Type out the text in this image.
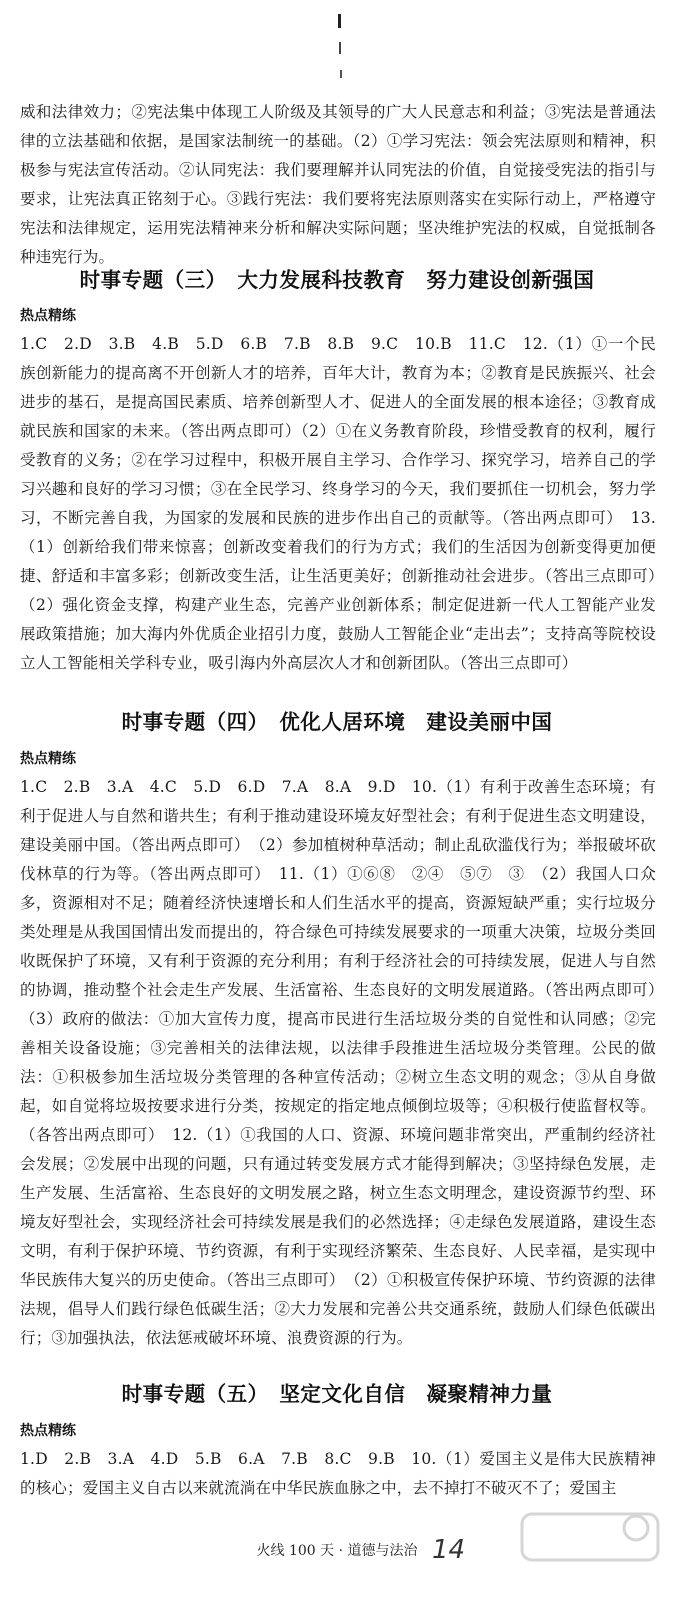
威和法律效力；②宪法集中体现工人阶级及其领导的广大人民意志和利益；③宪法是普通法律的立法基础和依据，是国家法制统一的基础。（2）①学习宪法：领会宪法原则和精神，积极参与宪法宣传活动。②认同宪法：我们要理解并认同宪法的价值，自觉接受宪法的指引与要求，让宪法真正铭刻于心。③践行宪法：我们要将宪法原则落实在实际行动上，严格遵守宪法和法律规定，运用宪法精神来分析和解决实际问题；坚决维护宪法的权威，自觉抵制各种违宪行为。

时事专题（三）　大力发展科技教育　努力建设创新强国
热点精练

1.C　2.D　3.B　4.B　5.D　6.B　7.B　8.B　9.C　10.B　11.C　12.（1）①一个民族创新能力的提高离不开创新人才的培养，百年大计，教育为本；②教育是民族振兴、社会进步的基石，是提高国民素质、培养创新型人才、促进人的全面发展的根本途径；③教育成就民族和国家的未来。（答出两点即可）（2）①在义务教育阶段，珍惜受教育的权利，履行受教育的义务；②在学习过程中，积极开展自主学习、合作学习、探究学习，培养自己的学习兴趣和良好的学习习惯；③在全民学习、终身学习的今天，我们要抓住一切机会，努力学习，不断完善自我，为国家的发展和民族的进步作出自己的贡献等。（答出两点即可）　13.（1）创新给我们带来惊喜；创新改变着我们的行为方式；我们的生活因为创新变得更加便捷、舒适和丰富多彩；创新改变生活，让生活更美好；创新推动社会进步。（答出三点即可）　（2）强化资金支撑，构建产业生态，完善产业创新体系；制定促进新一代人工智能产业发展政策措施；加大海内外优质企业招引力度，鼓励人工智能企业“走出去”；支持高等院校设立人工智能相关学科专业，吸引海内外高层次人才和创新团队。（答出三点即可）

时事专题（四）　优化人居环境　建设美丽中国
热点精练

1.C　2.B　3.A　4.C　5.D　6.D　7.A　8.A　9.D　10.（1）有利于改善生态环境；有利于促进人与自然和谐共生；有利于推动建设环境友好型社会；有利于促进生态文明建设，建设美丽中国。（答出两点即可）　（2）参加植树种草活动；制止乱砍滥伐行为；举报破坏砍伐林草的行为等。（答出两点即可）　11.（1）①⑥⑧　②④　⑤⑦　③　（2）我国人口众多，资源相对不足；随着经济快速增长和人们生活水平的提高，资源短缺严重；实行垃圾分类处理是从我国国情出发而提出的，符合绿色可持续发展要求的一项重大决策，垃圾分类回收既保护了环境，又有利于资源的充分利用；有利于经济社会的可持续发展，促进人与自然的协调，推动整个社会走生产发展、生活富裕、生态良好的文明发展道路。（答出两点即可）　（3）政府的做法：①加大宣传力度，提高市民进行生活垃圾分类的自觉性和认同感；②完善相关设备设施；③完善相关的法律法规，以法律手段推进生活垃圾分类管理。公民的做法：①积极参加生活垃圾分类管理的各种宣传活动；②树立生态文明的观念；③从自身做起，如自觉将垃圾按要求进行分类，按规定的指定地点倾倒垃圾等；④积极行使监督权等。（各答出两点即可）　12.（1）①我国的人口、资源、环境问题非常突出，严重制约经济社会发展；②发展中出现的问题，只有通过转变发展方式才能得到解决；③坚持绿色发展，走生产发展、生活富裕、生态良好的文明发展之路，树立生态文明理念，建设资源节约型、环境友好型社会，实现经济社会可持续发展是我们的必然选择；④走绿色发展道路，建设生态文明，有利于保护环境、节约资源，有利于实现经济繁荣、生态良好、人民幸福，是实现中华民族伟大复兴的历史使命。（答出三点即可）　（2）①积极宣传保护环境、节约资源的法律法规，倡导人们践行绿色低碳生活；②大力发展和完善公共交通系统，鼓励人们绿色低碳出行；③加强执法，依法惩戒破坏环境、浪费资源的行为。

时事专题（五）　坚定文化自信　凝聚精神力量
热点精练

1.D　2.B　3.A　4.D　5.B　6.A　7.B　8.C　9.B　10.（1）爱国主义是伟大民族精神的核心；爱国主义自古以来就流淌在中华民族血脉之中，去不掉打不破灭不了；爱国主

火线 100 天 · 道德与法治 14
